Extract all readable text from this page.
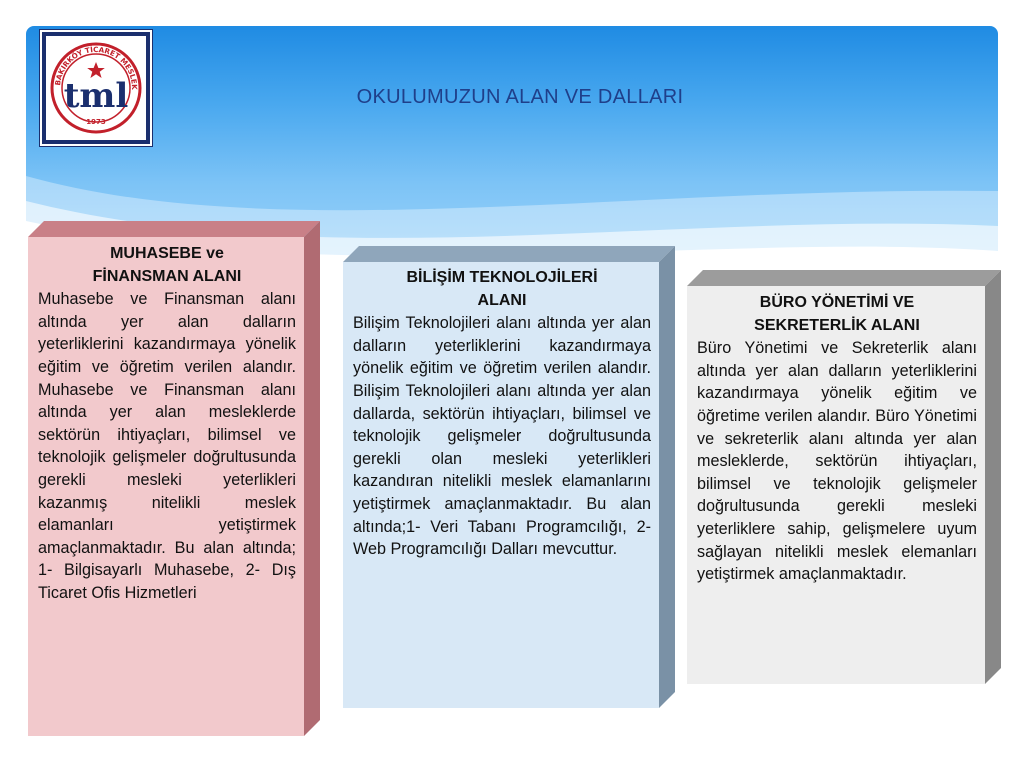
BAKIRKÖY TİCARET MESLEK
tml
1973
OKULUMUZUN ALAN VE DALLARI
MUHASEBE ve
FİNANSMAN ALANI
Muhasebe ve Finansman alanı altında yer alan dalların yeterliklerini kazandırmaya yönelik eğitim ve öğretim verilen alandır. Muhasebe ve Finansman alanı altında yer alan mesleklerde sektörün ihtiyaçları, bilimsel ve teknolojik gelişmeler doğrultusunda gerekli mesleki yeterlikleri kazanmış nitelikli meslek elamanları yetiştirmek amaçlanmaktadır. Bu alan altında; 1- Bilgisayarlı Muhasebe, 2- Dış Ticaret Ofis Hizmetleri
BİLİŞİM TEKNOLOJİLERİ
ALANI
Bilişim Teknolojileri alanı altında yer alan dalların yeterliklerini kazandırmaya yönelik eğitim ve öğretim verilen alandır. Bilişim Teknolojileri alanı altında yer alan dallarda, sektörün ihtiyaçları, bilimsel ve teknolojik gelişmeler doğrultusunda gerekli olan mesleki yeterlikleri kazandıran nitelikli meslek elamanlarını yetiştirmek amaçlanmaktadır. Bu alan altında;1- Veri Tabanı Programcılığı, 2- Web Programcılığı Dalları mevcuttur.
BÜRO YÖNETİMİ VE
SEKRETERLİK ALANI
Büro Yönetimi ve Sekreterlik alanı altında yer alan dalların yeterliklerini kazandırmaya yönelik eğitim ve öğretime verilen alandır. Büro Yönetimi ve sekreterlik alanı altında yer alan mesleklerde, sektörün ihtiyaçları, bilimsel ve teknolojik gelişmeler doğrultusunda gerekli mesleki yeterliklere sahip, gelişmelere uyum sağlayan nitelikli meslek elemanları yetiştirmek amaçlanmaktadır.
